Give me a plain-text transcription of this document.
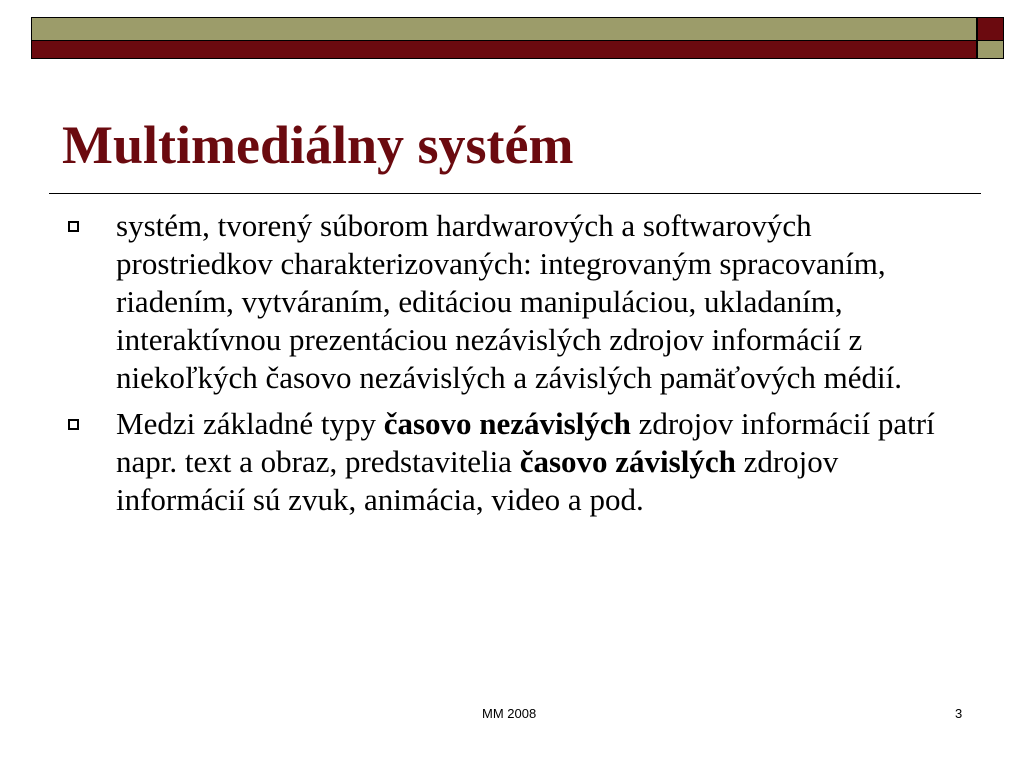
Multimediálny systém
systém, tvorený súborom hardwarových a softwarových prostriedkov charakterizovaných: integrovaným spracovaním, riadením, vytváraním, editáciou manipuláciou, ukladaním, interaktívnou prezentáciou nezávislých zdrojov informácií z niekoľkých časovo nezávislých a závislých pamäťových médií.
Medzi základné typy časovo nezávislých zdrojov informácií patrí napr. text a obraz, predstavitelia časovo závislých zdrojov informácií sú zvuk, animácia, video a pod.
MM 2008	3
